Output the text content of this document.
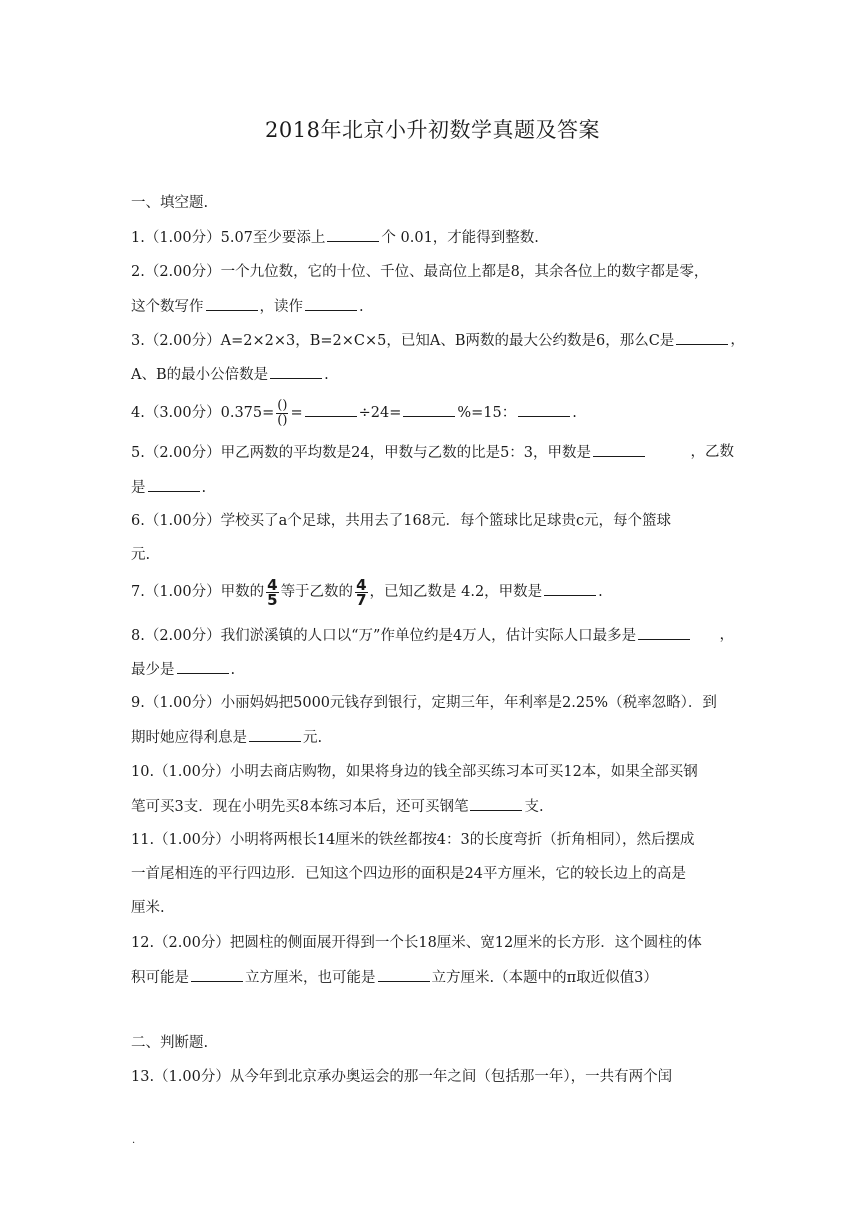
2018年北京小升初数学真题及答案
一、填空题.
1.（1.00分）5.07至少要添上	个 0.01，才能得到整数.
2.（2.00分）一个九位数，它的十位、千位、最高位上都是8，其余各位上的数字都是零，
这个数写作	，读作	.
3.（2.00分）A=2×2×3，B=2×C×5，已知A、B两数的最大公约数是6，那么C是	，
A、B的最小公倍数是	.
4.（3.00分）$0.375= \frac{()}{()}$ =	÷24=	%=15：	.
5.（2.00分）甲乙两数的平均数是24，甲数与乙数的比是5：3，甲数是	，乙数
是	.
6.（1.00分）学校买了a个足球，共用去了168元．每个篮球比足球贵c元，每个篮球
元.
7.（1.00分）甲数的 $\frac{4}{5}$ 等于乙数的 $\frac{4}{7}$ ，已知乙数是 4.2，甲数是	.
8.（2.00分）我们淤溪镇的人口以“万”作单位约是4万人，估计实际人口最多是	，
最少是	.
9.（1.00分）小丽妈妈把5000元钱存到银行，定期三年，年利率是2.25%（税率忽略）．到
期时她应得利息是	元.
10.（1.00分）小明去商店购物，如果将身边的钱全部买练习本可买12本，如果全部买钢
笔可买3支．现在小明先买8本练习本后，还可买钢笔	支.
11.（1.00分）小明将两根长14厘米的铁丝都按4：3的长度弯折（折角相同），然后摆成
一首尾相连的平行四边形．已知这个四边形的面积是24平方厘米，它的较长边上的高是
厘米.
12.（2.00分）把圆柱的侧面展开得到一个长18厘米、宽12厘米的长方形．这个圆柱的体
积可能是	立方厘米，也可能是	立方厘米.（本题中的π取近似值3）
二、判断题.
13.（1.00分）从今年到北京承办奥运会的那一年之间（包括那一年），一共有两个闰
.
